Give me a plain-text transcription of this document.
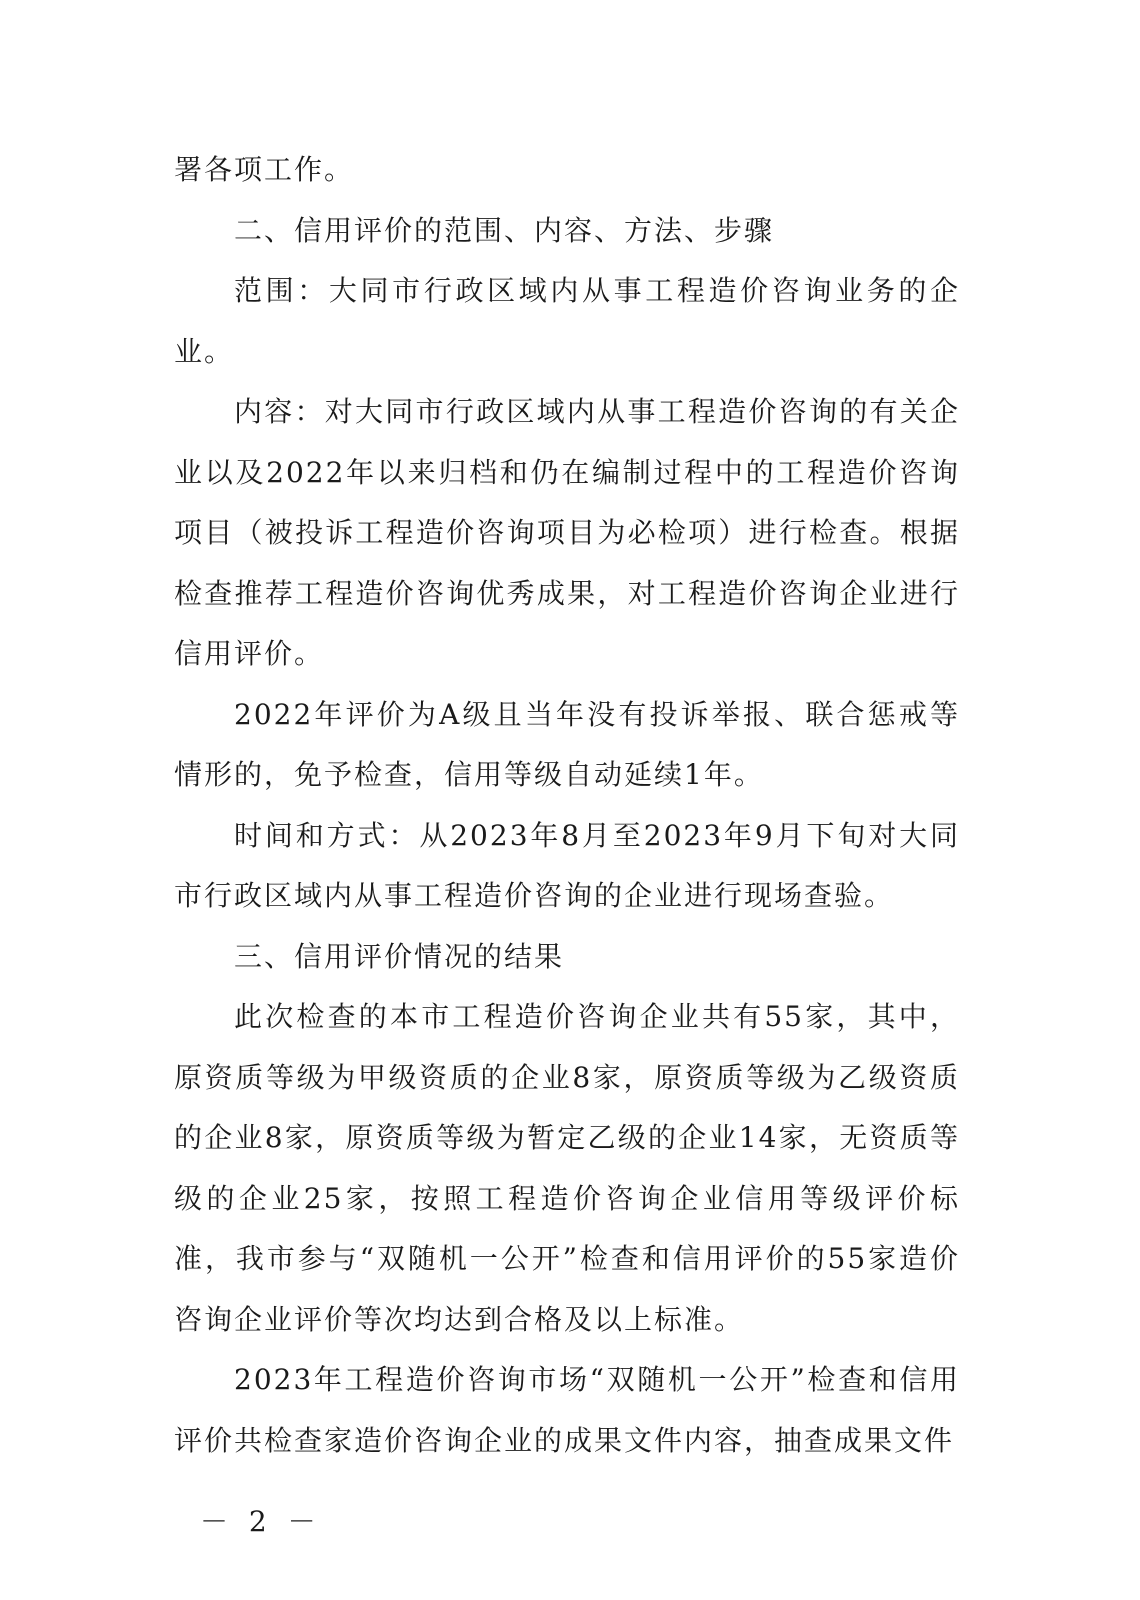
署各项工作。

二、信用评价的范围、内容、方法、步骤

范围：大同市行政区域内从事工程造价咨询业务的企业。

内容：对大同市行政区域内从事工程造价咨询的有关企业以及2022年以来归档和仍在编制过程中的工程造价咨询项目（被投诉工程造价咨询项目为必检项）进行检查。根据检查推荐工程造价咨询优秀成果，对工程造价咨询企业进行信用评价。

2022年评价为A级且当年没有投诉举报、联合惩戒等情形的，免予检查，信用等级自动延续1年。

时间和方式：从2023年8月至2023年9月下旬对大同市行政区域内从事工程造价咨询的企业进行现场查验。

三、信用评价情况的结果

此次检查的本市工程造价咨询企业共有55家，其中，原资质等级为甲级资质的企业8家，原资质等级为乙级资质的企业8家，原资质等级为暂定乙级的企业14家，无资质等级的企业25家，按照工程造价咨询企业信用等级评价标准，我市参与“双随机一公开”检查和信用评价的55家造价咨询企业评价等次均达到合格及以上标准。

2023年工程造价咨询市场“双随机一公开”检查和信用评价共检查家造价咨询企业的成果文件内容，抽查成果文件

－ 2 －
